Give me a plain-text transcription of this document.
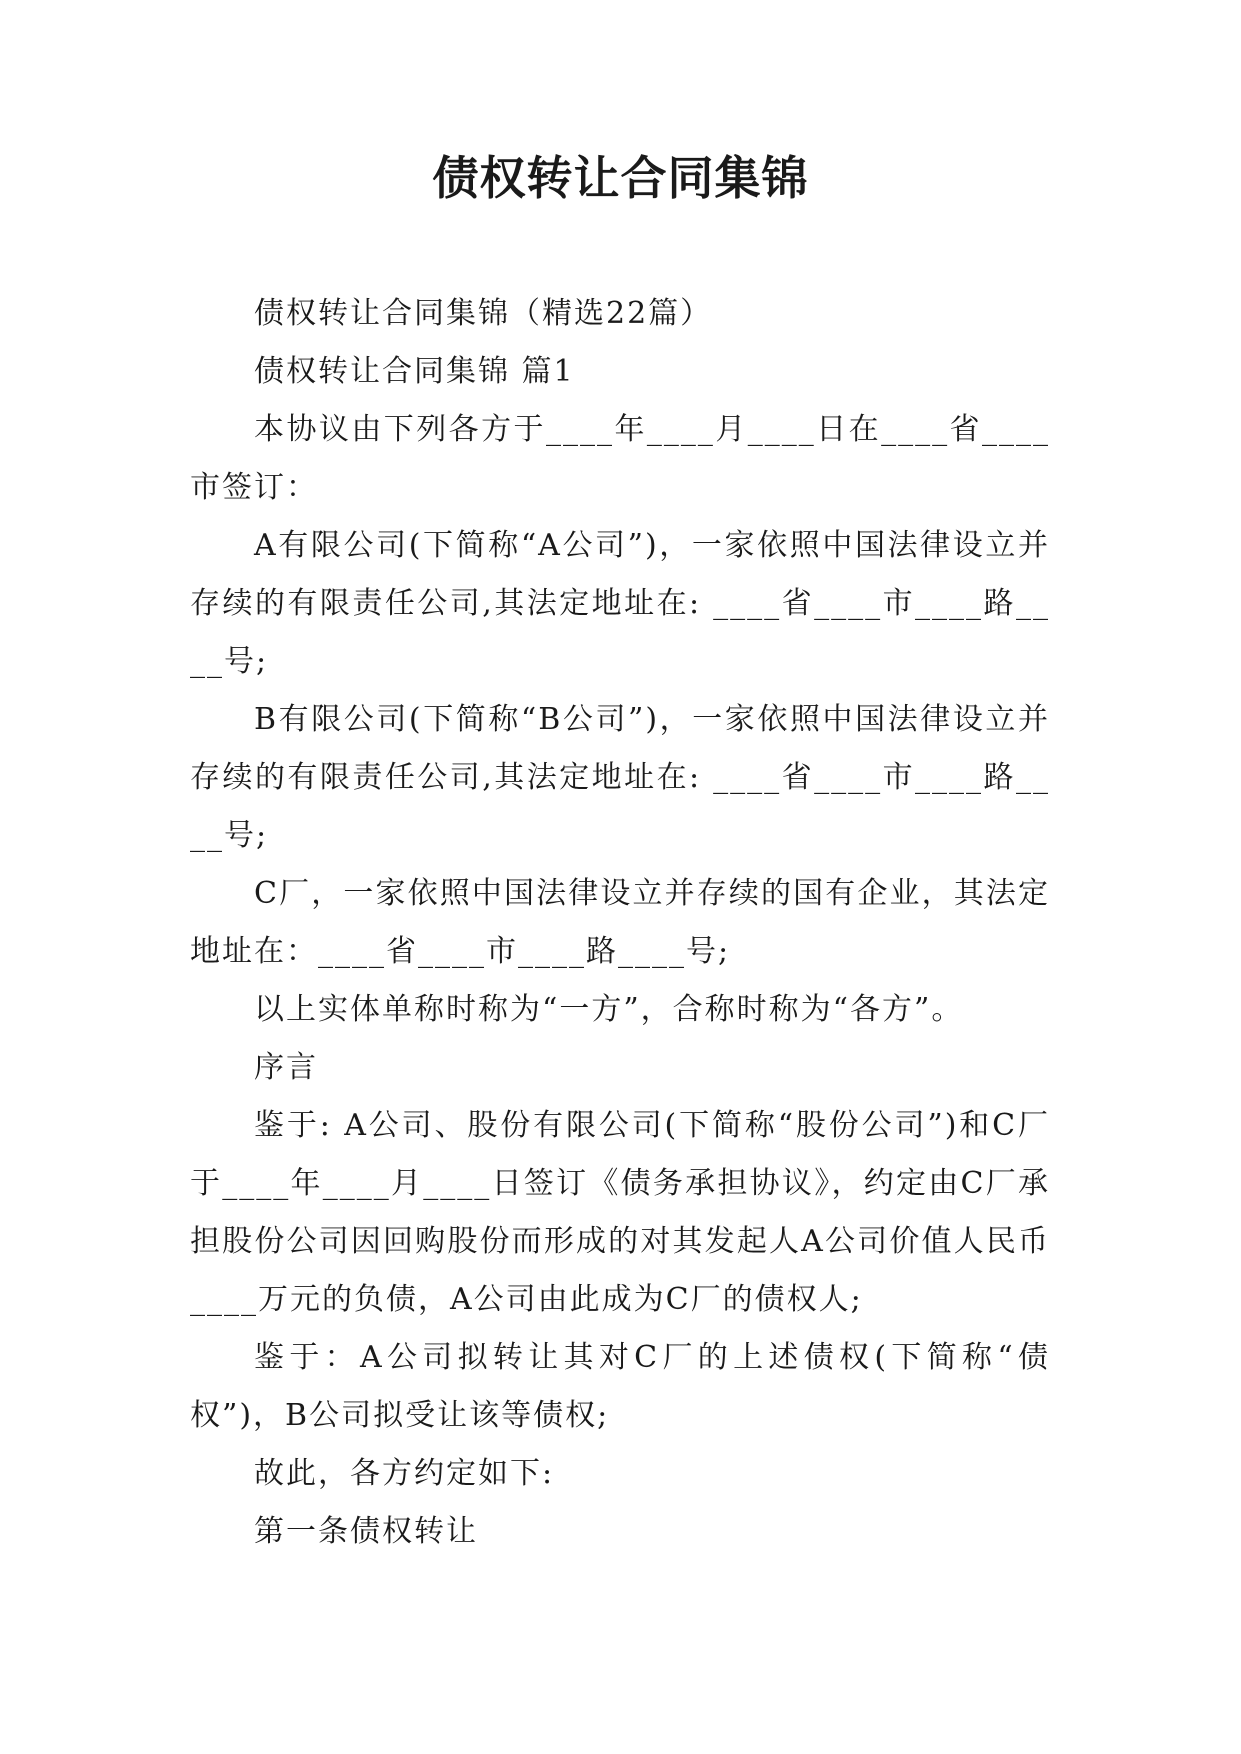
债权转让合同集锦

债权转让合同集锦（精选22篇）

债权转让合同集锦 篇1

本协议由下列各方于____年____月____日在____省____市签订：

A有限公司(下简称“A公司”)，一家依照中国法律设立并存续的有限责任公司,其法定地址在: ____省____市____路____号;

B有限公司(下简称“B公司”)，一家依照中国法律设立并存续的有限责任公司,其法定地址在: ____省____市____路____号;

C厂，一家依照中国法律设立并存续的国有企业，其法定地址在：____省____市____路____号;

以上实体单称时称为“一方”，合称时称为“各方”。

序言

鉴于: A公司、股份有限公司(下简称“股份公司”)和C厂于____年____月____日签订《债务承担协议》，约定由C厂承担股份公司因回购股份而形成的对其发起人A公司价值人民币____万元的负债，A公司由此成为C厂的债权人;

鉴于：A公司拟转让其对C厂的上述债权(下简称“债权”)，B公司拟受让该等债权;

故此，各方约定如下:

第一条债权转让
